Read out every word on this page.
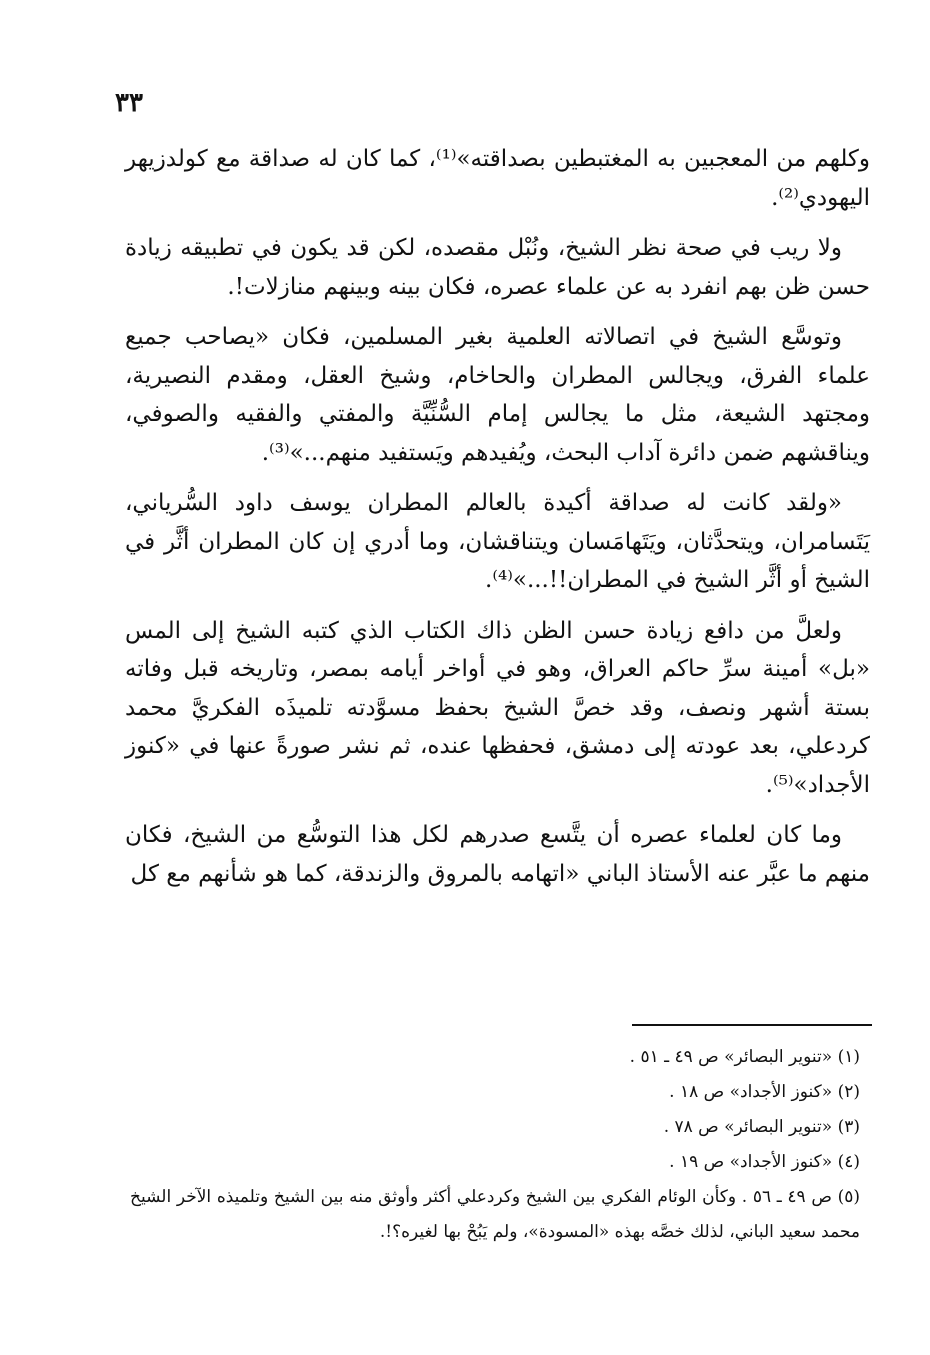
٣٣

وكلهم من المعجبين به المغتبطين بصداقته»⁽¹⁾، كما كان له صداقة مع كولدزيهر اليهودي⁽²⁾.

ولا ريب في صحة نظر الشيخ، ونُبْل مقصده، لكن قد يكون في تطبيقه زيادة حسن ظن بهم انفرد به عن علماء عصره، فكان بينه وبينهم منازلات!.

وتوسَّع الشيخ في اتصالاته العلمية بغير المسلمين، فكان «يصاحب جميع علماء الفرق، ويجالس المطران والحاخام، وشيخ العقل، ومقدم النصيرية، ومجتهد الشيعة، مثل ما يجالس إمام السُّنِّيَّة والمفتي والفقيه والصوفي، ويناقشهم ضمن دائرة آداب البحث، ويُفيدهم ويَستفيد منهم...»⁽³⁾.

«ولقد كانت له صداقة أكيدة بالعالم المطران يوسف داود السُّرياني، يَتَسامران، ويتحدَّثان، ويَتَهامَسان ويتناقشان، وما أدري إن كان المطران أثَّر في الشيخ أو أثَّر الشيخ في المطران!!...»⁽⁴⁾.

ولعلَّ من دافع زيادة حسن الظن ذاك الكتاب الذي كتبه الشيخ إلى المس «بل» أمينة سرِّ حاكم العراق، وهو في أواخر أيامه بمصر، وتاريخه قبل وفاته بستة أشهر ونصف، وقد خصَّ الشيخ بحفظ مسوَّدته تلميذَه الفكريَّ محمد كردعلي، بعد عودته إلى دمشق، فحفظها عنده، ثم نشر صورةً عنها في «كنوز الأجداد»⁽⁵⁾.

وما كان لعلماء عصره أن يتَّسع صدرهم لكل هذا التوسُّع من الشيخ، فكان منهم ما عبَّر عنه الأستاذ الباني «اتهامه بالمروق والزندقة، كما هو شأنهم مع كل

(١) «تنوير البصائر» ص ٤٩ ـ ٥١ .

(٢) «كنوز الأجداد» ص ١٨ .

(٣) «تنوير البصائر» ص ٧٨ .

(٤) «كنوز الأجداد» ص ١٩ .

(٥) ص ٤٩ ـ ٥٦ . وكأن الوئام الفكري بين الشيخ وكردعلي أكثر وأوثق منه بين الشيخ وتلميذه الآخر الشيخ محمد سعيد الباني، لذلك خصَّه بهذه «المسودة»، ولم يَبُحْ بها لغيره؟!.
